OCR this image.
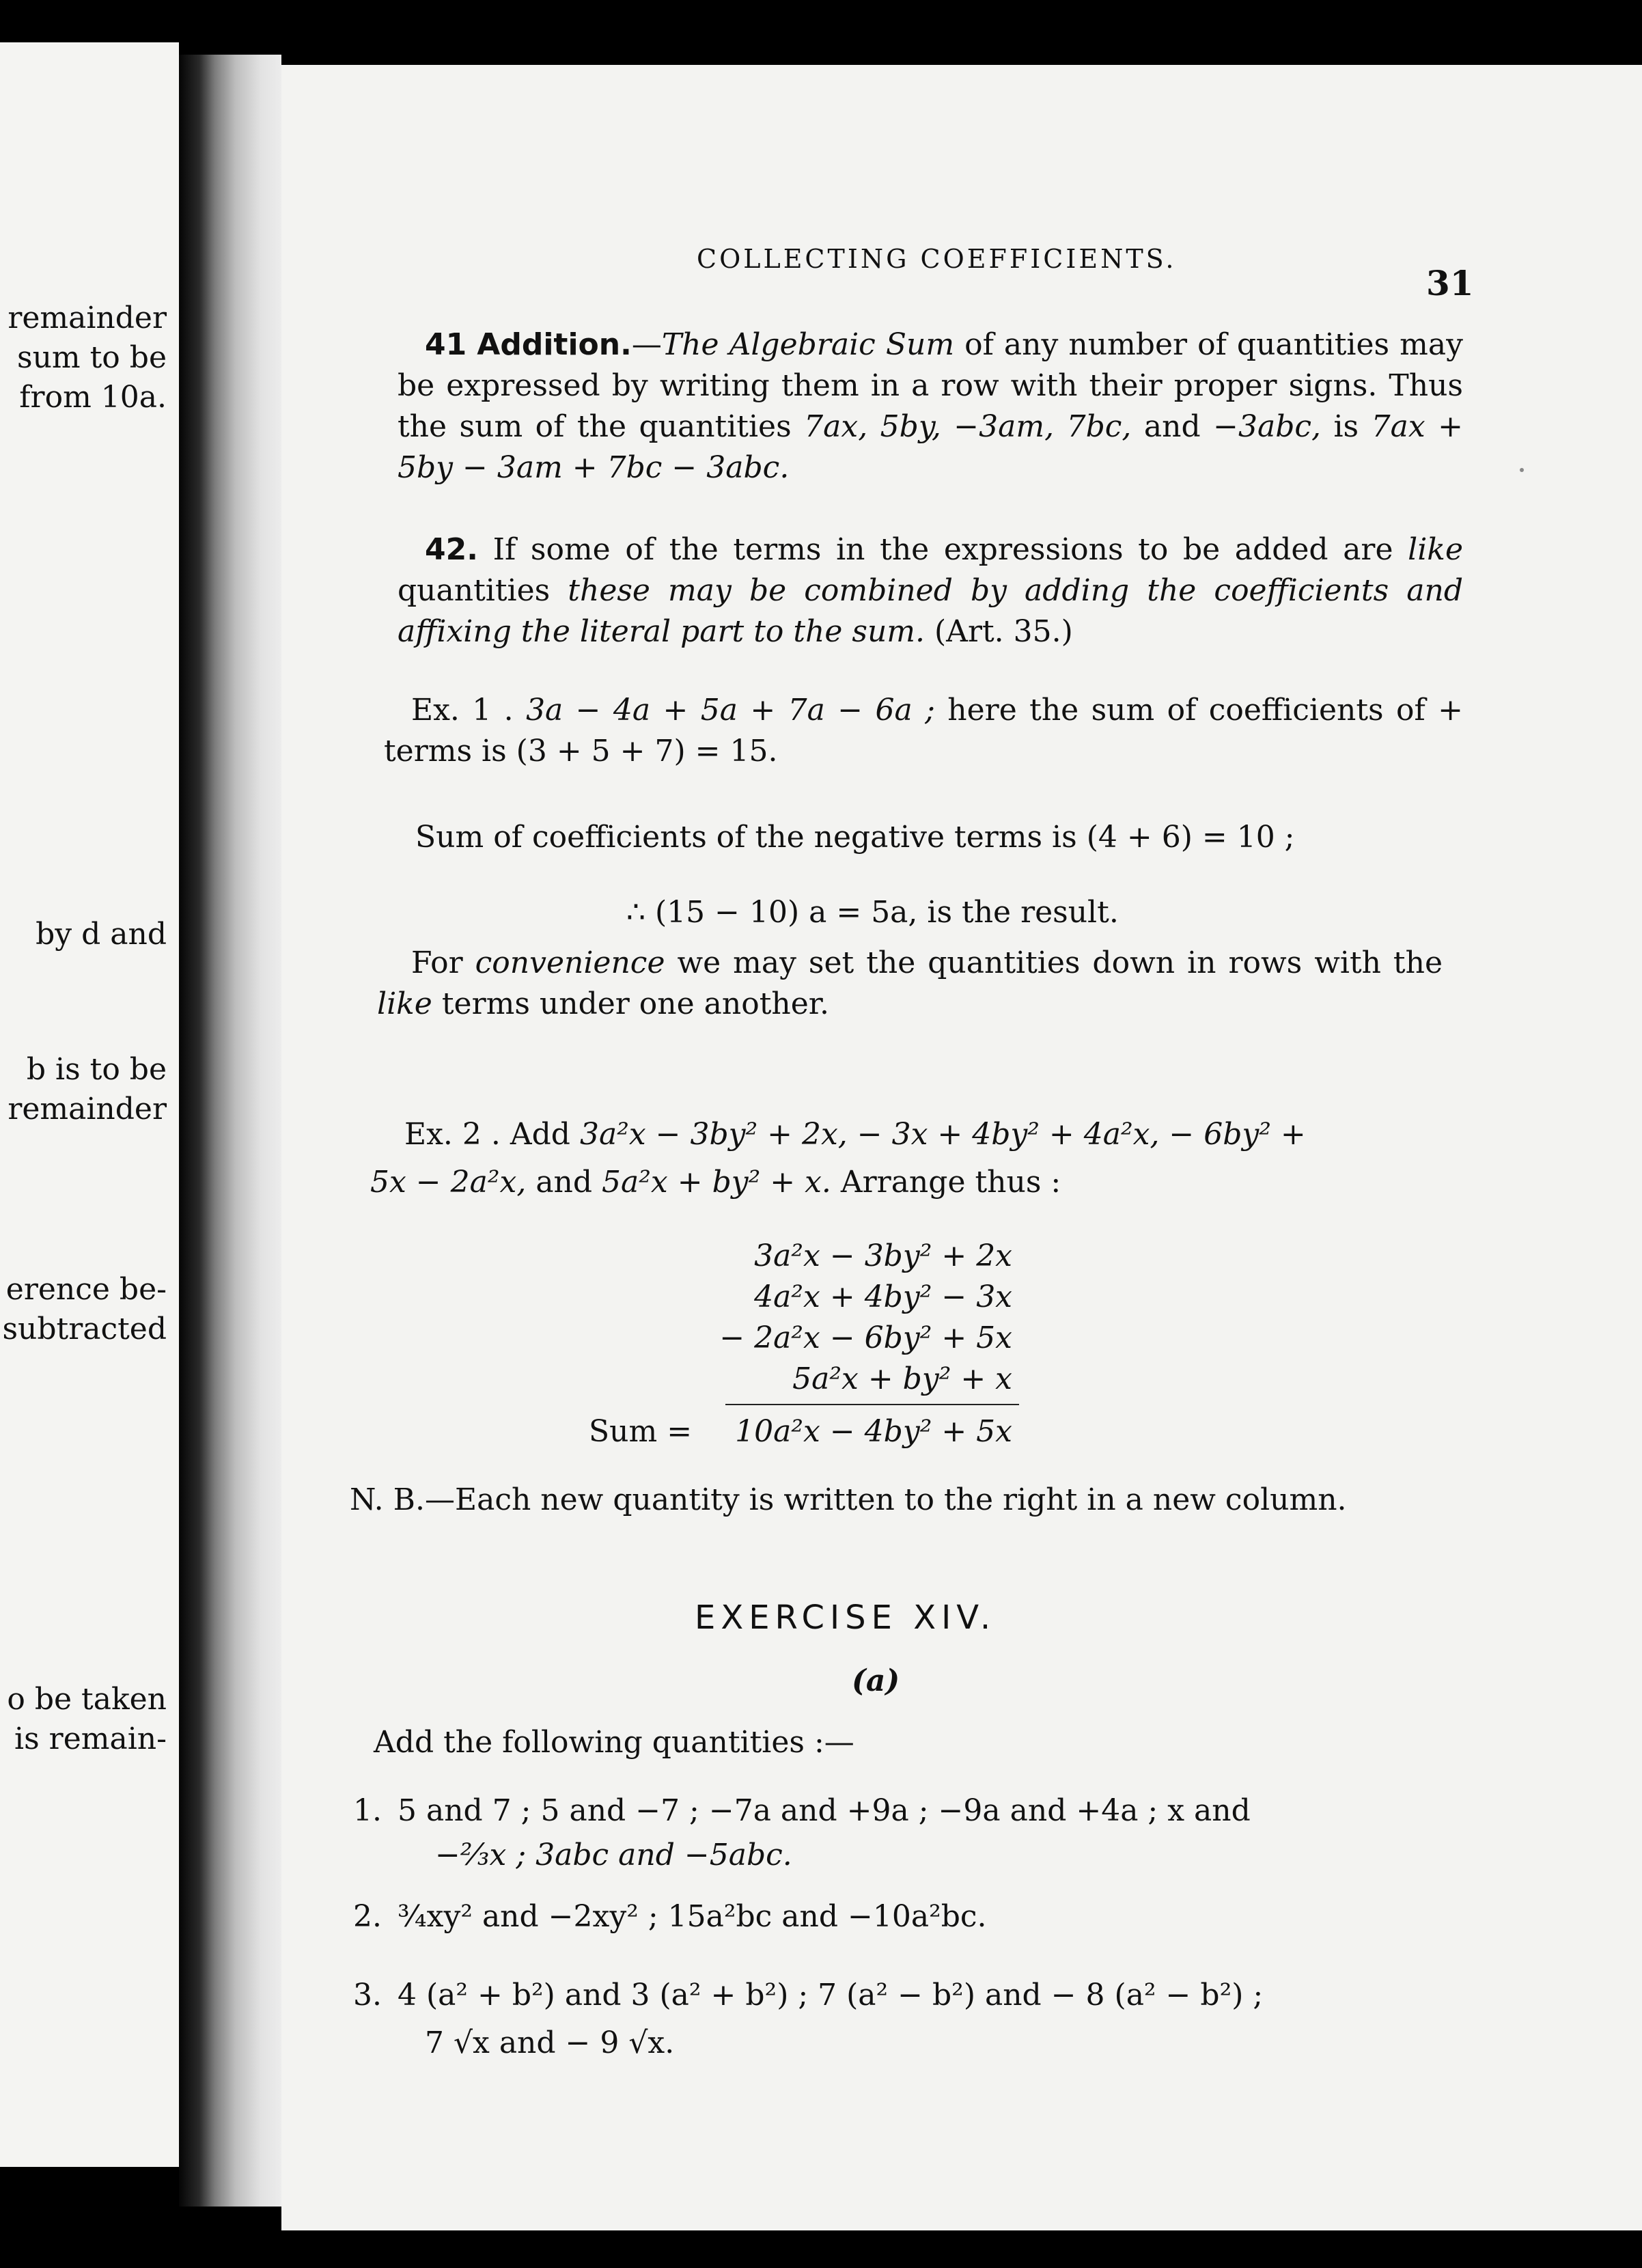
remainder
sum to be
from 10a.
by d and
b is to be
remainder
erence be-
subtracted
o be taken
is remain-
COLLECTING COEFFICIENTS.
31
41 Addition.—The Algebraic Sum of any number of quantities may be expressed by writing them in a row with their proper signs. Thus the sum of the quantities 7ax, 5by, −3am, 7bc, and −3abc, is 7ax + 5by − 3am + 7bc − 3abc.
42. If some of the terms in the expressions to be added are like quantities these may be combined by adding the coefficients and affixing the literal part to the sum. (Art. 35.)
Ex. 1 . 3a − 4a + 5a + 7a − 6a ; here the sum of coefficients of + terms is (3 + 5 + 7) = 15.
Sum of coefficients of the negative terms is (4 + 6) = 10 ;
∴ (15 − 10) a = 5a, is the result.
For convenience we may set the quantities down in rows with the like terms under one another.
Ex. 2 . Add 3a²x − 3by² + 2x, − 3x + 4by² + 4a²x, − 6by² +
5x − 2a²x, and 5a²x + by² + x. Arrange thus :
3a²x − 3by² + 2x
4a²x + 4by² − 3x
− 2a²x − 6by² + 5x
5a²x + by² + x
Sum =	10a²x − 4by² + 5x
N. B.—Each new quantity is written to the right in a new column.
EXERCISE XIV.
(a)
Add the following quantities :—
1. 5 and 7 ; 5 and −7 ; −7a and +9a ; −9a and +4a ; x and
−⅔x ; 3abc and −5abc.
2. ¾xy² and −2xy² ; 15a²bc and −10a²bc.
3. 4 (a² + b²) and 3 (a² + b²) ; 7 (a² − b²) and − 8 (a² − b²) ;
7 √x and − 9 √x.
